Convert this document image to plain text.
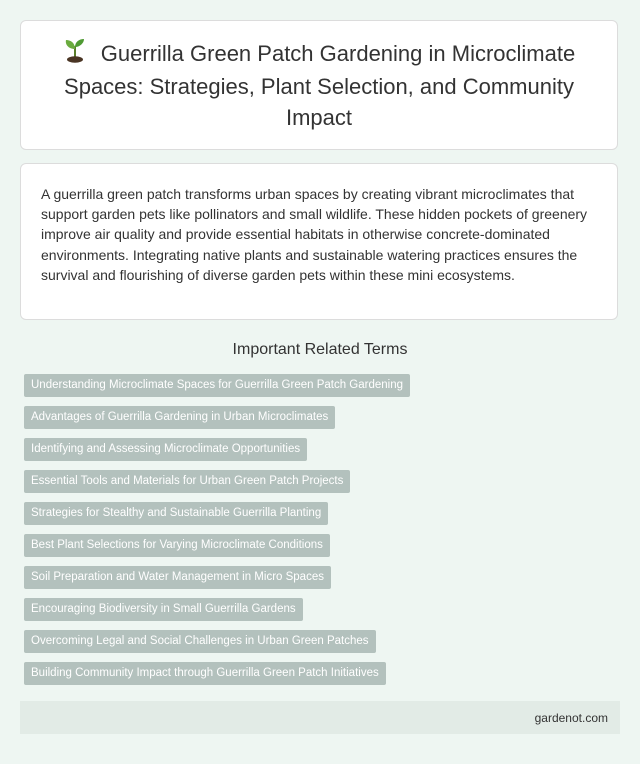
Guerrilla Green Patch Gardening in Microclimate Spaces: Strategies, Plant Selection, and Community Impact

A guerrilla green patch transforms urban spaces by creating vibrant microclimates that support garden pets like pollinators and small wildlife. These hidden pockets of greenery improve air quality and provide essential habitats in otherwise concrete-dominated environments. Integrating native plants and sustainable watering practices ensures the survival and flourishing of diverse garden pets within these mini ecosystems.

Important Related Terms
Understanding Microclimate Spaces for Guerrilla Green Patch Gardening
Advantages of Guerrilla Gardening in Urban Microclimates
Identifying and Assessing Microclimate Opportunities
Essential Tools and Materials for Urban Green Patch Projects
Strategies for Stealthy and Sustainable Guerrilla Planting
Best Plant Selections for Varying Microclimate Conditions
Soil Preparation and Water Management in Micro Spaces
Encouraging Biodiversity in Small Guerrilla Gardens
Overcoming Legal and Social Challenges in Urban Green Patches
Building Community Impact through Guerrilla Green Patch Initiatives
gardenot.com
